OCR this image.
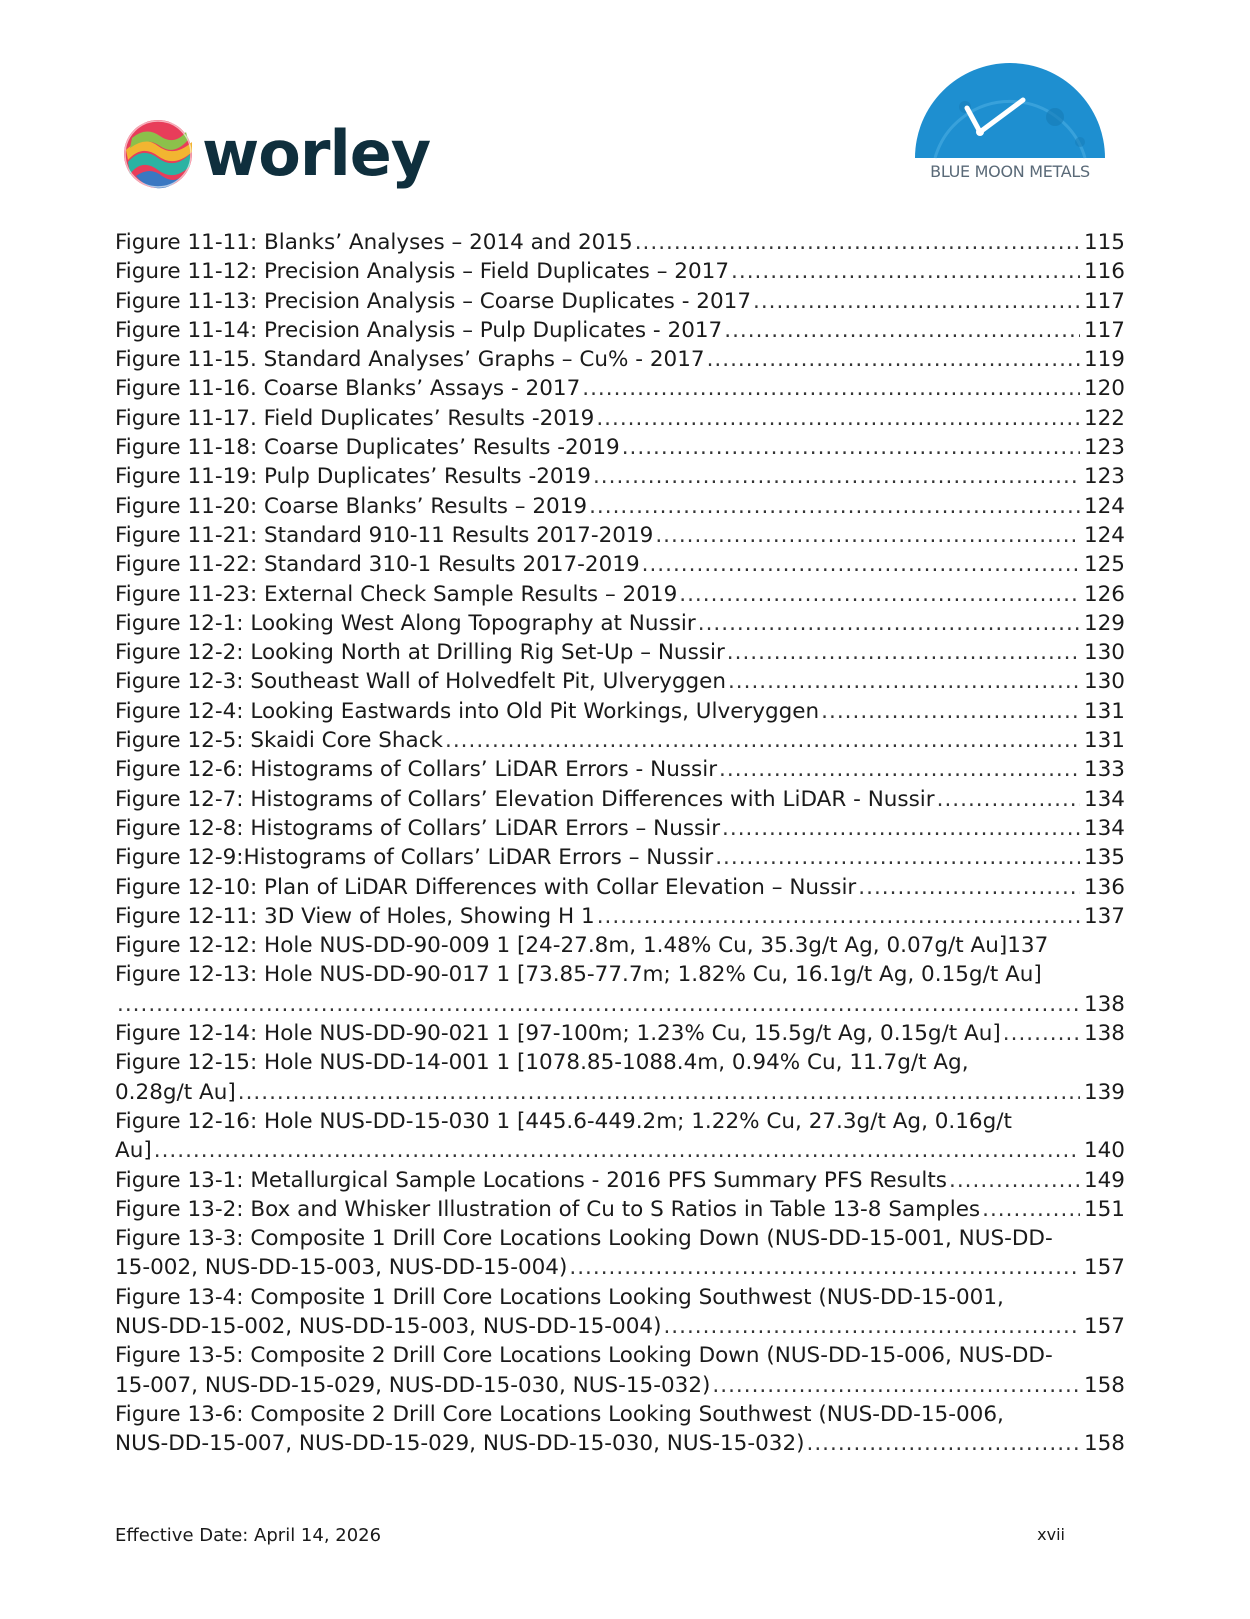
worley	BLUE MOON METALS
Figure 11-11: Blanks’ Analyses – 2014 and 2015 .....	115
Figure 11-12: Precision Analysis – Field Duplicates – 2017 .....	116
Figure 11-13: Precision Analysis – Coarse Duplicates - 2017 .....	117
Figure 11-14: Precision Analysis – Pulp Duplicates - 2017 .....	117
Figure 11-15. Standard Analyses’ Graphs – Cu% - 2017 .....	119
Figure 11-16. Coarse Blanks’ Assays - 2017 .....	120
Figure 11-17. Field Duplicates’ Results -2019 .....	122
Figure 11-18: Coarse Duplicates’ Results -2019 .....	123
Figure 11-19: Pulp Duplicates’ Results -2019 .....	123
Figure 11-20: Coarse Blanks’ Results – 2019 .....	124
Figure 11-21: Standard 910-11 Results 2017-2019 .....	124
Figure 11-22: Standard 310-1 Results 2017-2019 .....	125
Figure 11-23: External Check Sample Results – 2019 .....	126
Figure 12-1: Looking West Along Topography at Nussir .....	129
Figure 12-2: Looking North at Drilling Rig Set-Up – Nussir .....	130
Figure 12-3: Southeast Wall of Holvedfelt Pit, Ulveryggen .....	130
Figure 12-4: Looking Eastwards into Old Pit Workings, Ulveryggen .....	131
Figure 12-5: Skaidi Core Shack .....	131
Figure 12-6: Histograms of Collars’ LiDAR Errors - Nussir .....	133
Figure 12-7: Histograms of Collars’ Elevation Differences with LiDAR - Nussir .....	134
Figure 12-8: Histograms of Collars’ LiDAR Errors – Nussir .....	134
Figure 12-9:Histograms of Collars’ LiDAR Errors – Nussir .....	135
Figure 12-10: Plan of LiDAR Differences with Collar Elevation – Nussir .....	136
Figure 12-11: 3D View of Holes, Showing H 1 .....	137
Figure 12-12: Hole NUS-DD-90-009 1 [24-27.8m, 1.48% Cu, 35.3g/t Ag, 0.07g/t Au] 137
Figure 12-13: Hole NUS-DD-90-017 1 [73.85-77.7m; 1.82% Cu, 16.1g/t Ag, 0.15g/t Au]
.....
138
Figure 12-14: Hole NUS-DD-90-021 1 [97-100m; 1.23% Cu, 15.5g/t Ag, 0.15g/t Au] .....	138
Figure 12-15: Hole NUS-DD-14-001 1 [1078.85-1088.4m, 0.94% Cu, 11.7g/t Ag,
0.28g/t Au] .....	139
Figure 12-16: Hole NUS-DD-15-030 1 [445.6-449.2m; 1.22% Cu, 27.3g/t Ag, 0.16g/t
Au] .....	140
Figure 13-1: Metallurgical Sample Locations - 2016 PFS Summary PFS Results .....	149
Figure 13-2: Box and Whisker Illustration of Cu to S Ratios in Table 13-8 Samples .....	151
Figure 13-3: Composite 1 Drill Core Locations Looking Down (NUS-DD-15-001, NUS-DD-
15-002, NUS-DD-15-003, NUS-DD-15-004) .....	157
Figure 13-4: Composite 1 Drill Core Locations Looking Southwest (NUS-DD-15-001,
NUS-DD-15-002, NUS-DD-15-003, NUS-DD-15-004) .....	157
Figure 13-5: Composite 2 Drill Core Locations Looking Down (NUS-DD-15-006, NUS-DD-
15-007, NUS-DD-15-029, NUS-DD-15-030, NUS-15-032) .....	158
Figure 13-6: Composite 2 Drill Core Locations Looking Southwest (NUS-DD-15-006,
NUS-DD-15-007, NUS-DD-15-029, NUS-DD-15-030, NUS-15-032) .....	158
Effective Date: April 14, 2026	xvii
